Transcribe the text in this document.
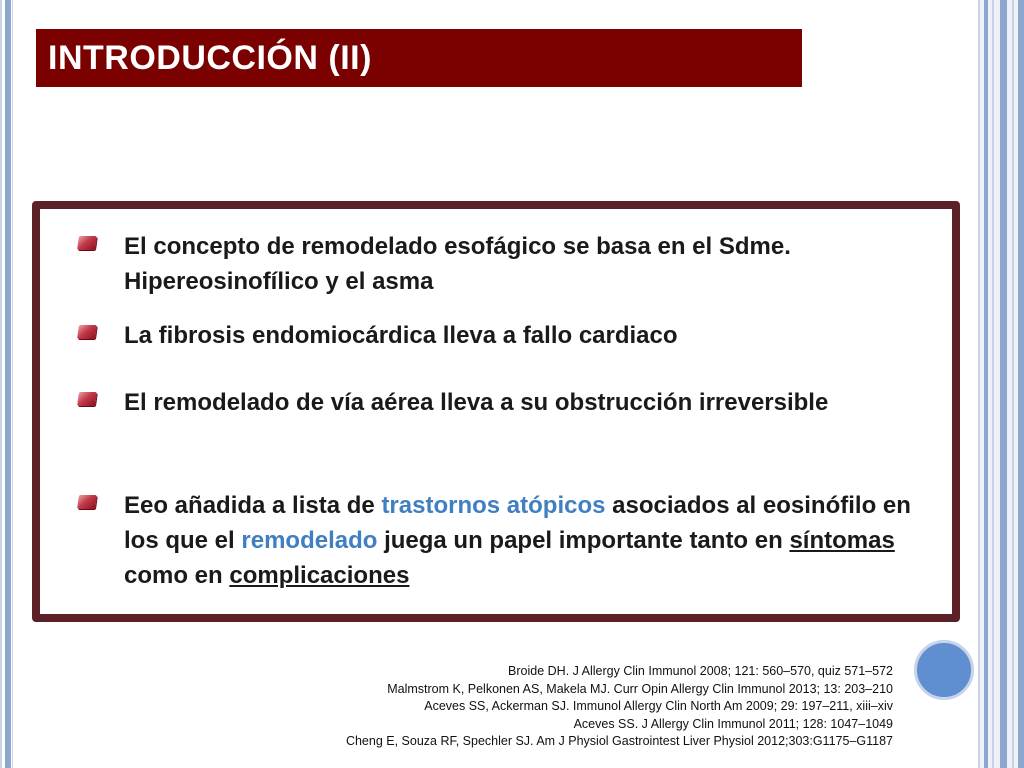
INTRODUCCIÓN (II)
El concepto de remodelado esofágico se basa en el Sdme. Hipereosinofílico y el asma
La fibrosis endomiocárdica lleva a fallo cardiaco
El remodelado de vía aérea lleva a su obstrucción irreversible
Eeo añadida a lista de trastornos atópicos asociados al eosinófilo en los que el remodelado juega un papel importante tanto en síntomas como en complicaciones
Broide DH. J Allergy Clin Immunol 2008; 121: 560–570, quiz 571–572
Malmstrom K, Pelkonen AS, Makela MJ. Curr Opin Allergy Clin Immunol 2013; 13: 203–210
Aceves SS, Ackerman SJ. Immunol Allergy Clin North Am 2009; 29: 197–211, xiii–xiv
Aceves SS. J Allergy Clin Immunol 2011; 128: 1047–1049
Cheng E, Souza RF, Spechler SJ. Am J Physiol Gastrointest Liver Physiol 2012;303:G1175–G1187
